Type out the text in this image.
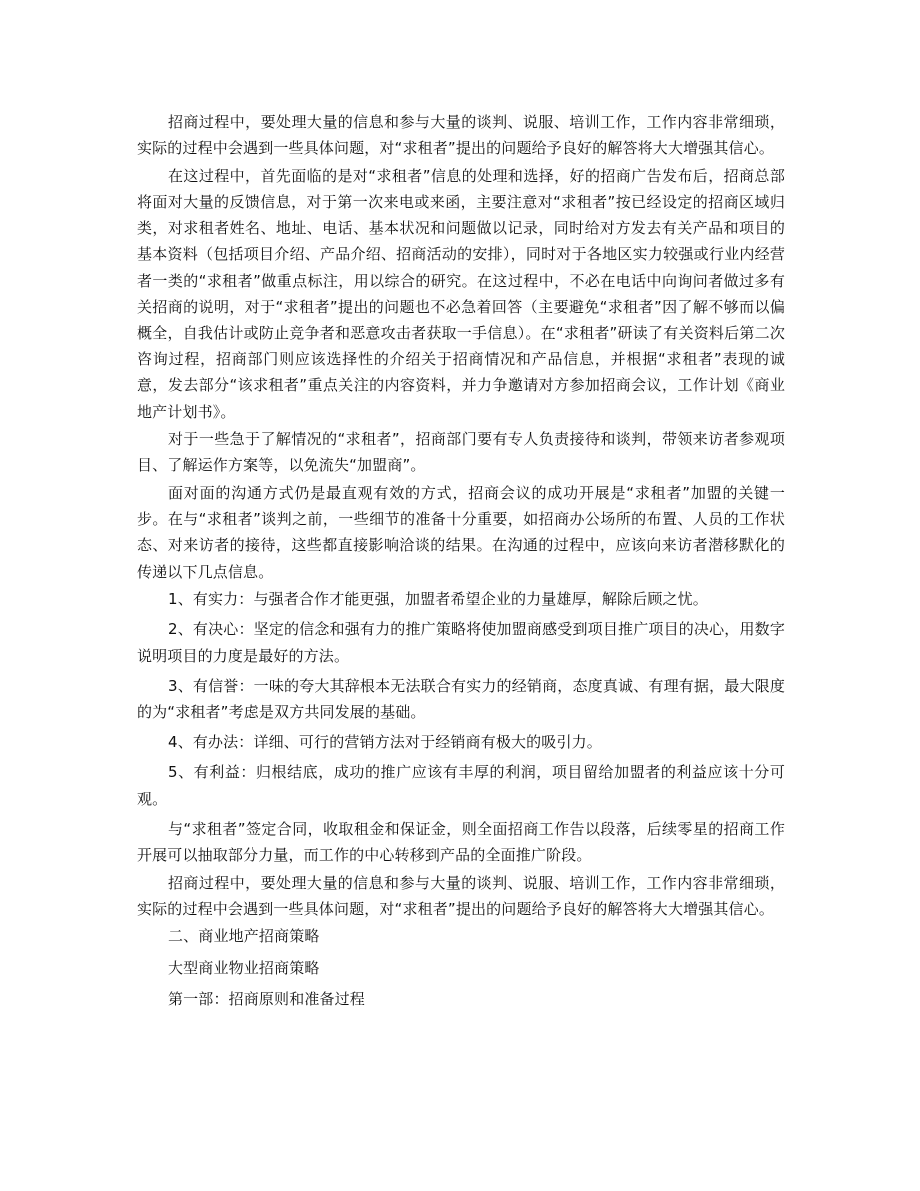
招商过程中，要处理大量的信息和参与大量的谈判、说服、培训工作，工作内容非常细琐，实际的过程中会遇到一些具体问题，对“求租者”提出的问题给予良好的解答将大大增强其信心。

在这过程中，首先面临的是对“求租者”信息的处理和选择，好的招商广告发布后，招商总部将面对大量的反馈信息，对于第一次来电或来函，主要注意对“求租者”按已经设定的招商区域归类，对求租者姓名、地址、电话、基本状况和问题做以记录，同时给对方发去有关产品和项目的基本资料（包括项目介绍、产品介绍、招商活动的安排），同时对于各地区实力较强或行业内经营者一类的“求租者”做重点标注，用以综合的研究。在这过程中，不必在电话中向询问者做过多有关招商的说明，对于“求租者”提出的问题也不必急着回答（主要避免“求租者”因了解不够而以偏概全，自我估计或防止竞争者和恶意攻击者获取一手信息）。在“求租者”研读了有关资料后第二次咨询过程，招商部门则应该选择性的介绍关于招商情况和产品信息，并根据“求租者”表现的诚意，发去部分“该求租者”重点关注的内容资料，并力争邀请对方参加招商会议，工作计划《商业地产计划书》。

对于一些急于了解情况的“求租者”，招商部门要有专人负责接待和谈判，带领来访者参观项目、了解运作方案等，以免流失“加盟商”。

面对面的沟通方式仍是最直观有效的方式，招商会议的成功开展是“求租者”加盟的关键一步。在与“求租者”谈判之前，一些细节的准备十分重要，如招商办公场所的布置、人员的工作状态、对来访者的接待，这些都直接影响洽谈的结果。在沟通的过程中，应该向来访者潜移默化的传递以下几点信息。

1、有实力：与强者合作才能更强，加盟者希望企业的力量雄厚，解除后顾之忧。

2、有决心：坚定的信念和强有力的推广策略将使加盟商感受到项目推广项目的决心，用数字说明项目的力度是最好的方法。

3、有信誉：一味的夸大其辞根本无法联合有实力的经销商，态度真诚、有理有据，最大限度的为“求租者”考虑是双方共同发展的基础。

4、有办法：详细、可行的营销方法对于经销商有极大的吸引力。

5、有利益：归根结底，成功的推广应该有丰厚的利润，项目留给加盟者的利益应该十分可观。

与“求租者”签定合同，收取租金和保证金，则全面招商工作告以段落，后续零星的招商工作开展可以抽取部分力量，而工作的中心转移到产品的全面推广阶段。

招商过程中，要处理大量的信息和参与大量的谈判、说服、培训工作，工作内容非常细琐，实际的过程中会遇到一些具体问题，对“求租者”提出的问题给予良好的解答将大大增强其信心。

二、商业地产招商策略

大型商业物业招商策略

第一部：招商原则和准备过程
